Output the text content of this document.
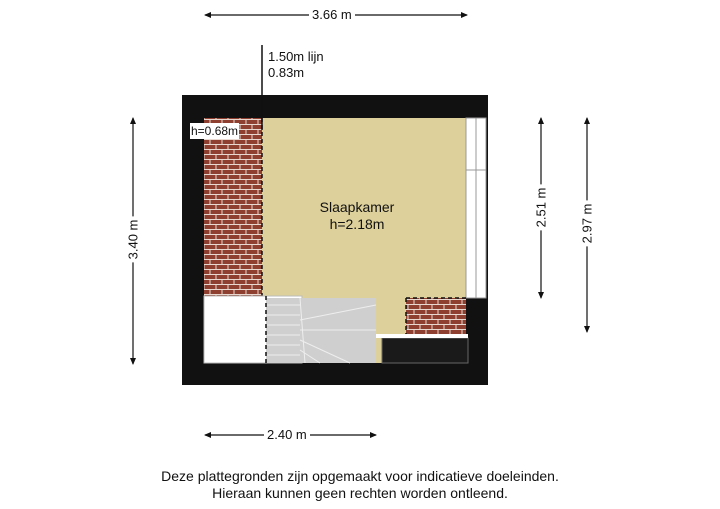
3.66 m
2.40 m
3.40 m
2.51 m 2.97 m
1.50m lijn
0.83m
h=0.68m
Slaapkamer
h=2.18m
Deze plattegronden zijn opgemaakt voor indicatieve doeleinden.
Hieraan kunnen geen rechten worden ontleend.
